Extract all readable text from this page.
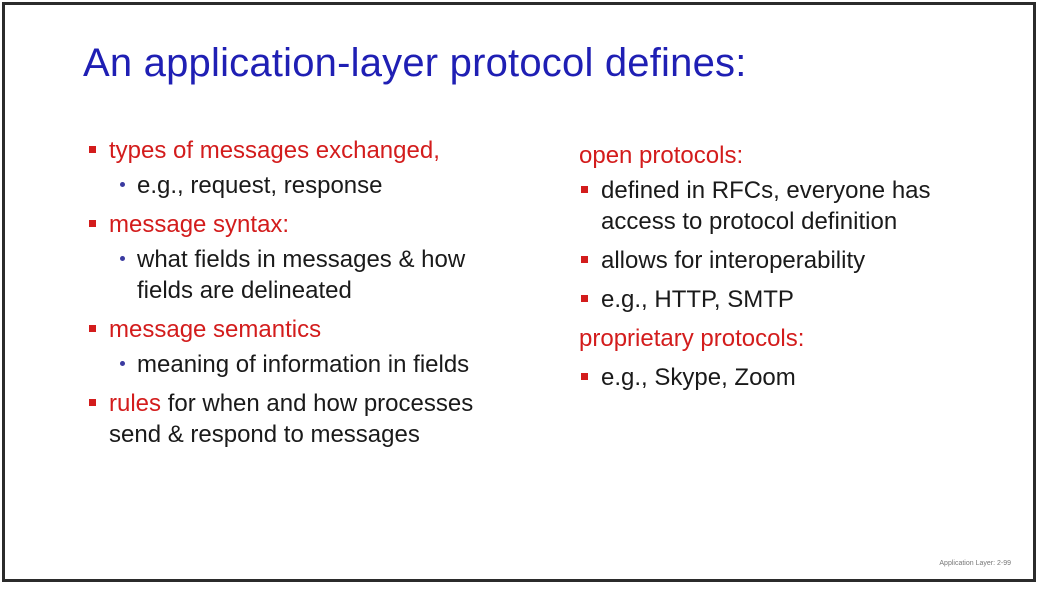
An application-layer protocol defines:
types of messages exchanged,
e.g., request, response
message syntax:
what fields in messages & how fields are delineated
message semantics
meaning of information in fields
rules for when and how processes send & respond to messages
open protocols:
defined in RFCs, everyone has access to protocol definition
allows for interoperability
e.g., HTTP, SMTP
proprietary protocols:
e.g., Skype, Zoom
Application Layer: 2-99
